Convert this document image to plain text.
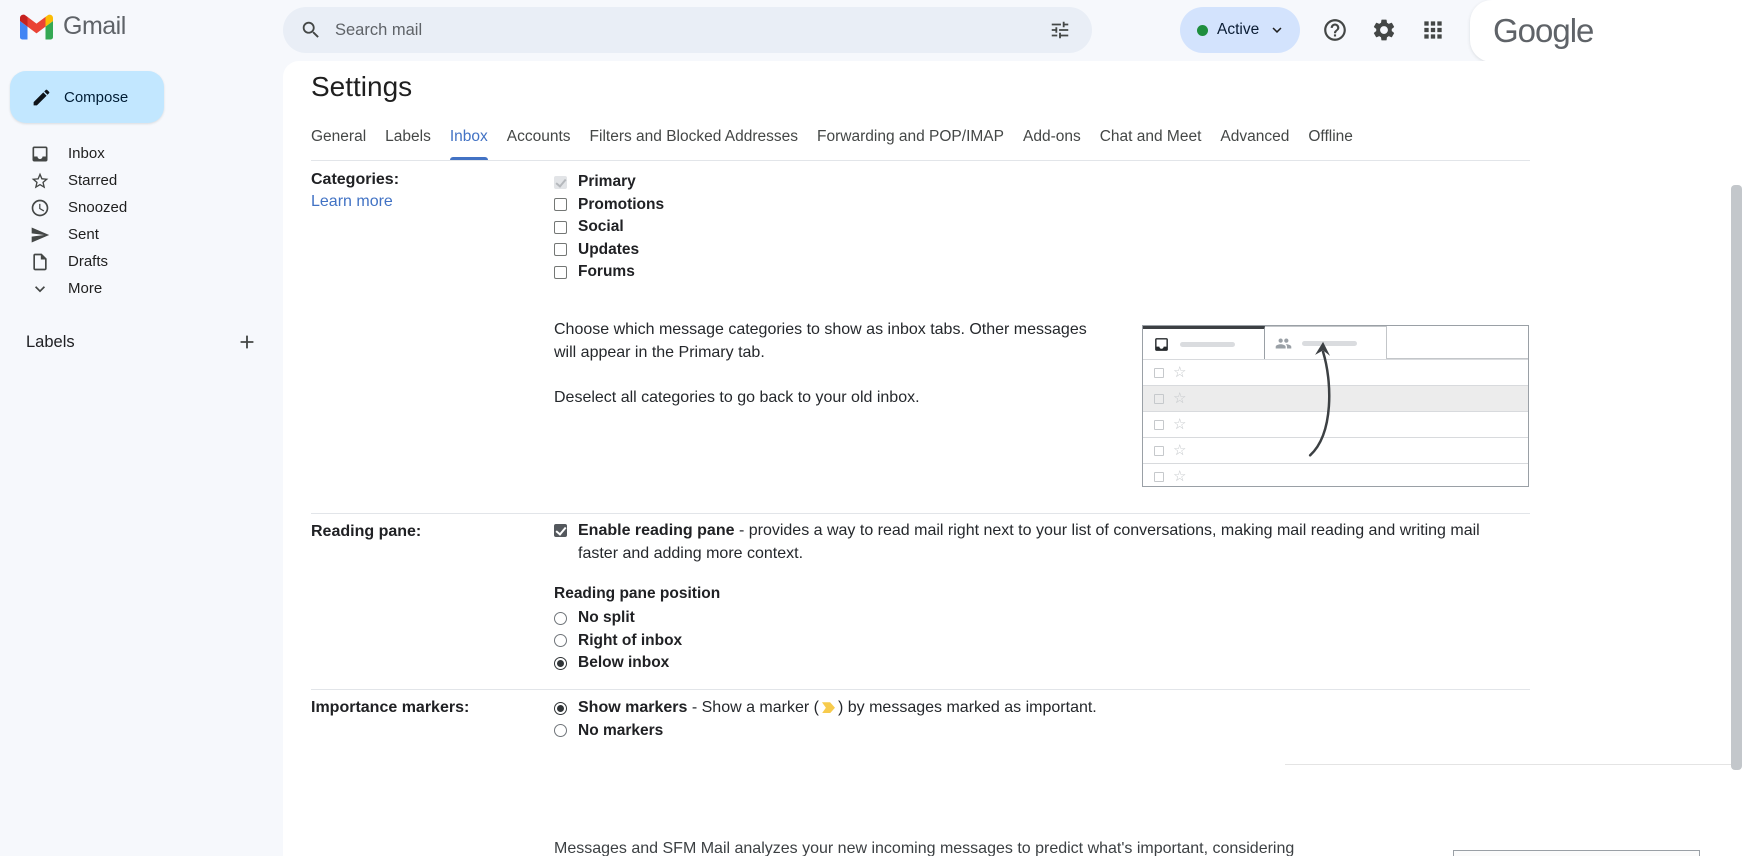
Gmail
Search mail	Active	Google
Compose
Inbox
Starred
Snoozed
Sent
Drafts
More
Labels
Settings
General Labels Inbox Accounts Filters and Blocked Addresses Forwarding and POP/IMAP Add-ons Chat and Meet Advanced Offline
Categories:
Learn more
Primary
Promotions
Social
Updates
Forums

Choose which message categories to show as inbox tabs. Other messages will appear in the Primary tab.

Deselect all categories to go back to your old inbox.

☆
☆
☆
☆
☆
Reading pane:	Enable reading pane - provides a way to read mail right next to your list of conversations, making mail reading and writing mail faster and adding more context.
Reading pane position
No split
Right of inbox
Below inbox
Importance markers:	Show markers - Show a marker ( ) by messages marked as important.
No markers
Messages and SFM Mail analyzes your new incoming messages to predict what's important, considering
